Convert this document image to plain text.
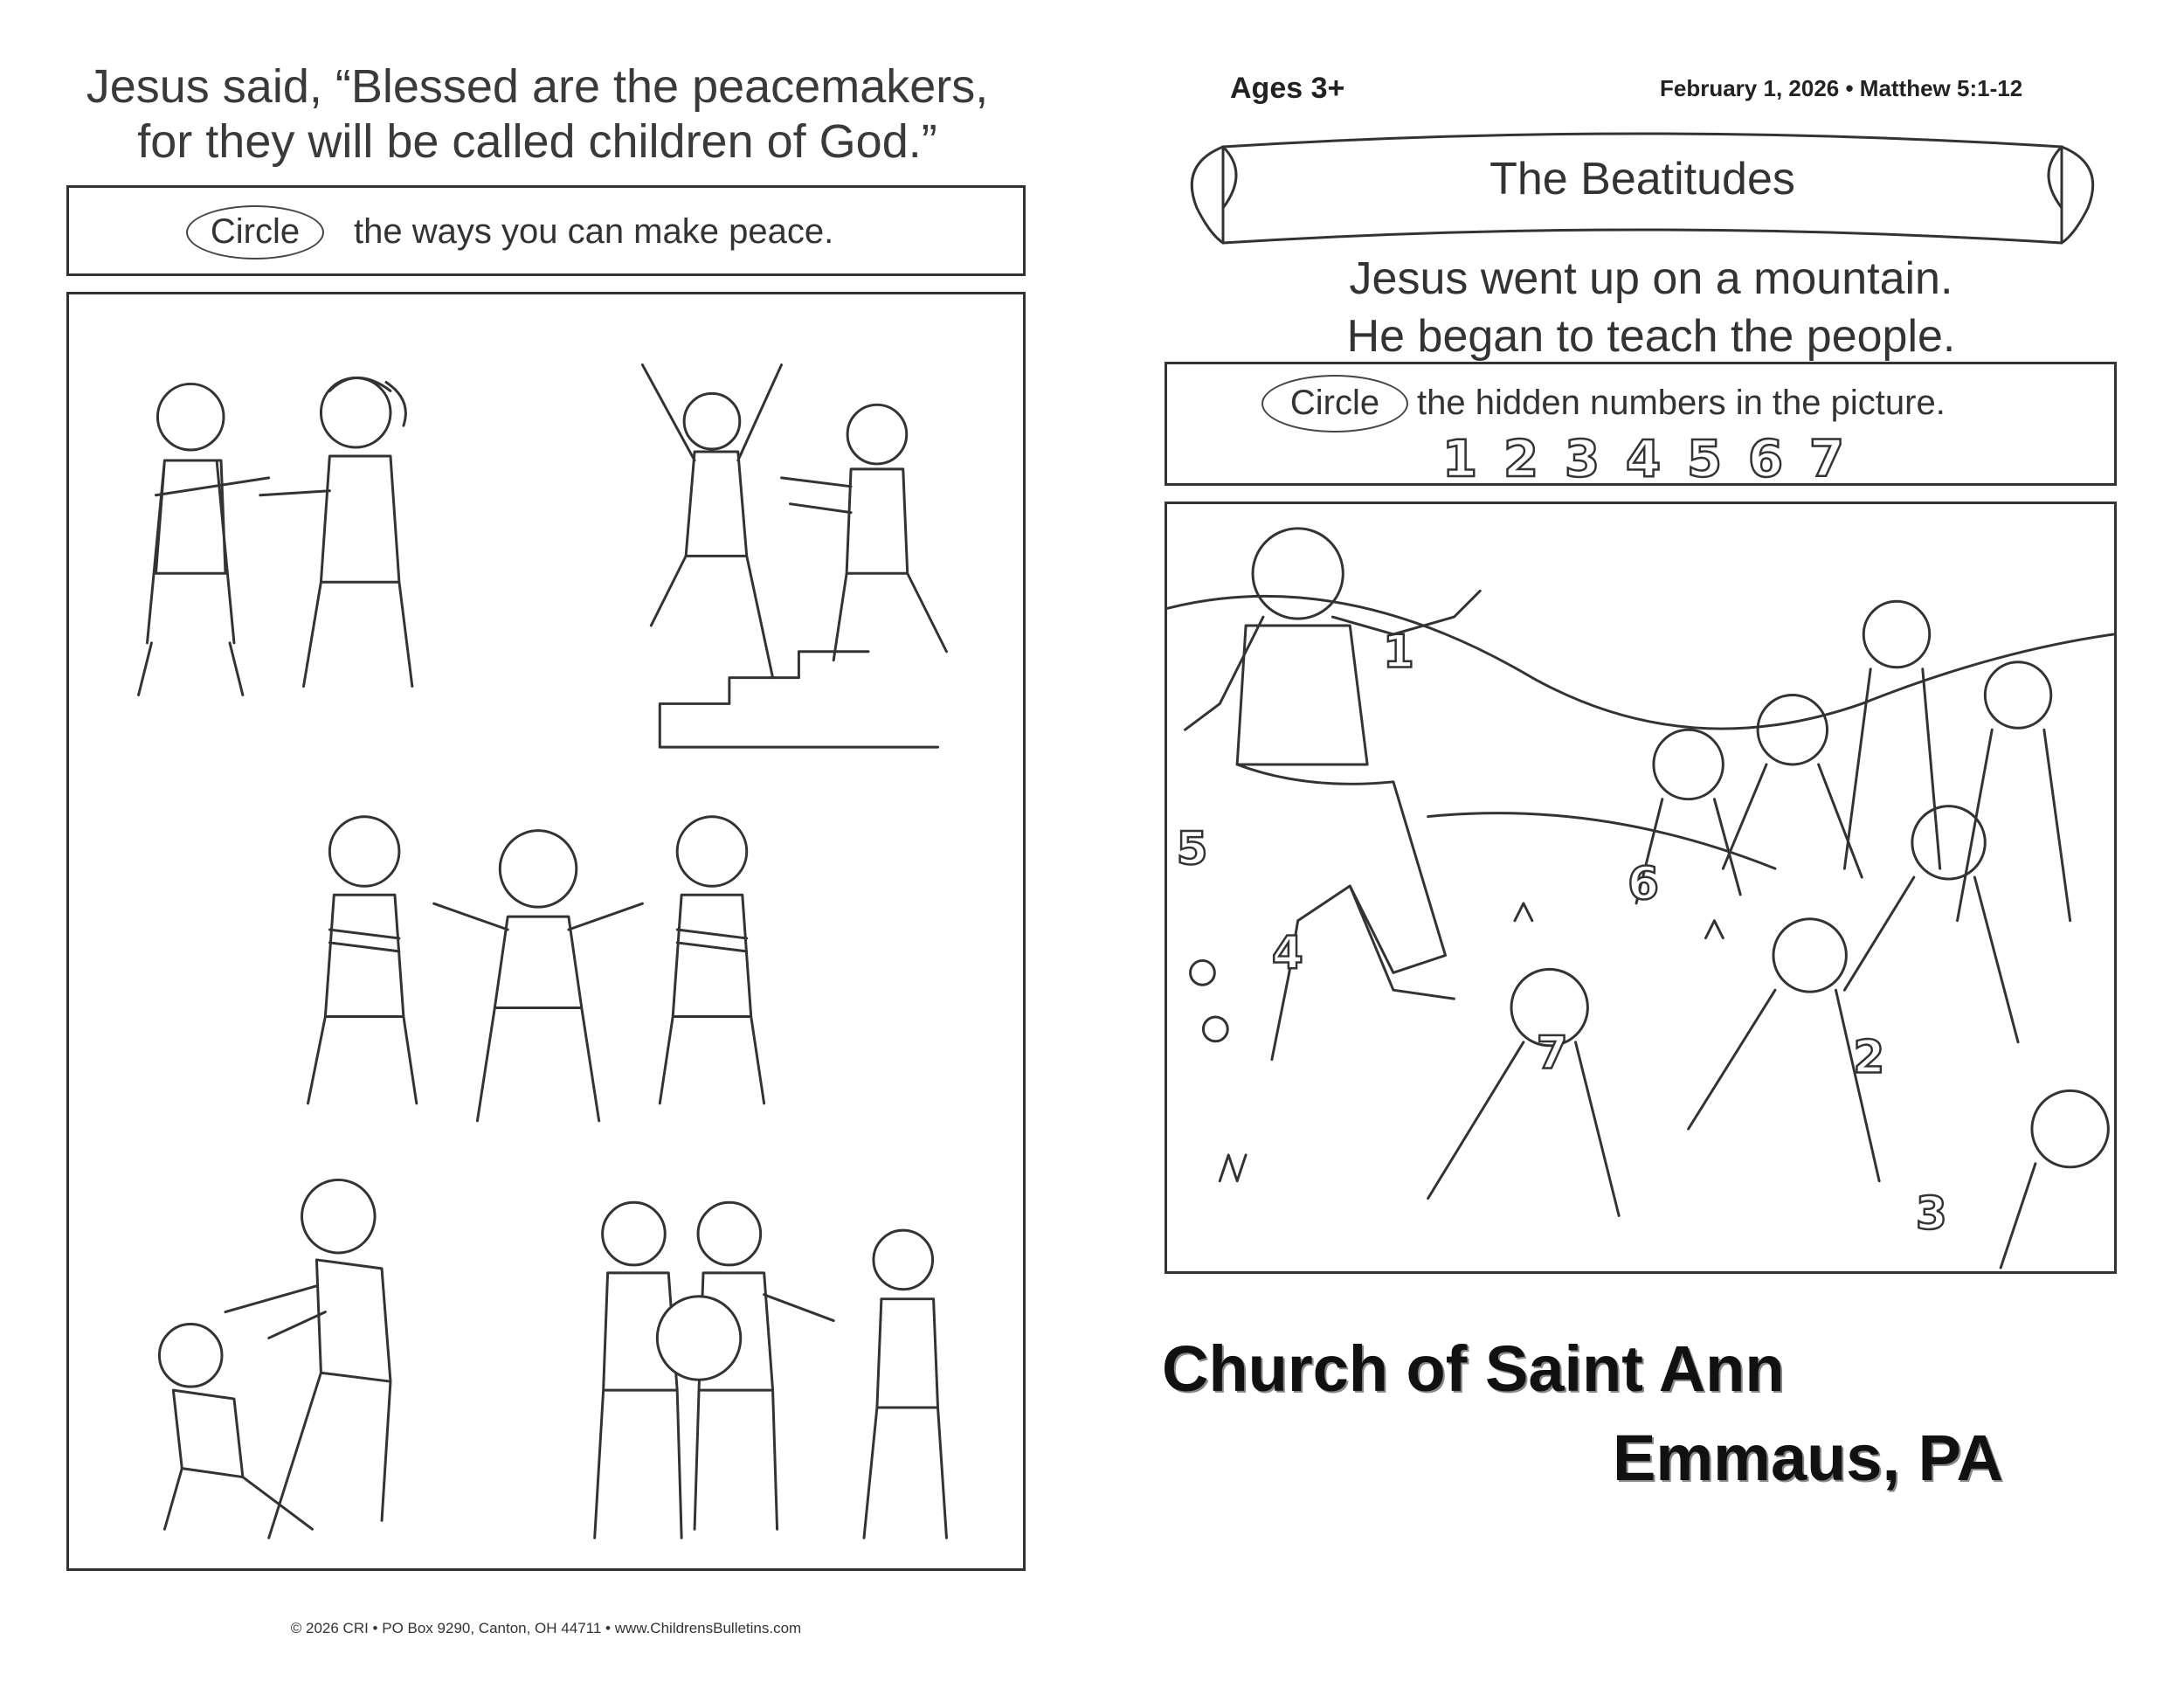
Jesus said, “Blessed are the peacemakers,
for they will be called children of God.”
Circle	the ways you can make peace.
© 2026 CRI • PO Box 9290, Canton, OH 44711 • www.ChildrensBulletins.com
Ages 3+	February 1, 2026 • Matthew 5:1-12
The Beatitudes
Jesus went up on a mountain.
He began to teach the people.
Circle	the hidden numbers in the picture.
1 2 3 4 5 6 7
1
2
3
4
5
6
7
Church of Saint Ann
Emmaus, PA
